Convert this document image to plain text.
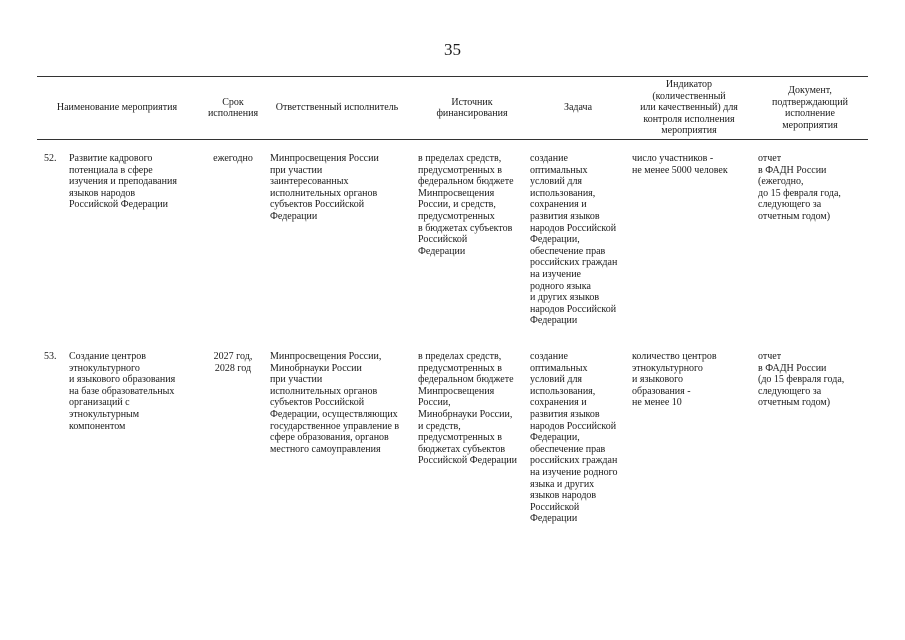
35
Наименование мероприятия
Срок
исполнения
Ответственный исполнитель
Источник
финансирования
Задача
Индикатор
(количественный
или качественный) для
контроля исполнения
мероприятия
Документ,
подтверждающий
исполнение
мероприятия
52. Развитие кадрового
потенциала в сфере
изучения и преподавания
языков народов
Российской Федерации
ежегодно	Минпросвещения России
при участии
заинтересованных
исполнительных органов
субъектов Российской
Федерации
в пределах средств,
предусмотренных в
федеральном бюджете
Минпросвещения
России, и средств,
предусмотренных
в бюджетах субъектов
Российской
Федерации
создание
оптимальных
условий для
использования,
сохранения и
развития языков
народов Российской
Федерации,
обеспечение прав
российских граждан
на изучение
родного языка
и других языков
народов Российской
Федерации
число участников -
не менее 5000 человек
отчет
в ФАДН России
(ежегодно,
до 15 февраля года,
следующего за
отчетным годом)
53. Создание центров
этнокультурного
и языкового образования
на базе образовательных
организаций с
этнокультурным
компонентом
2027 год,
2028 год
Минпросвещения России,
Минобрнауки России
при участии
исполнительных органов
субъектов Российской
Федерации, осуществляющих
государственное управление в
сфере образования, органов
местного самоуправления
в пределах средств,
предусмотренных в
федеральном бюджете
Минпросвещения
России,
Минобрнауки России,
и средств,
предусмотренных в
бюджетах субъектов
Российской Федерации
создание
оптимальных
условий для
использования,
сохранения и
развития языков
народов Российской
Федерации,
обеспечение прав
российских граждан
на изучение родного
языка и других
языков народов
Российской
Федерации
количество центров
этнокультурного
и языкового
образования -
не менее 10
отчет
в ФАДН России
(до 15 февраля года,
следующего за
отчетным годом)
